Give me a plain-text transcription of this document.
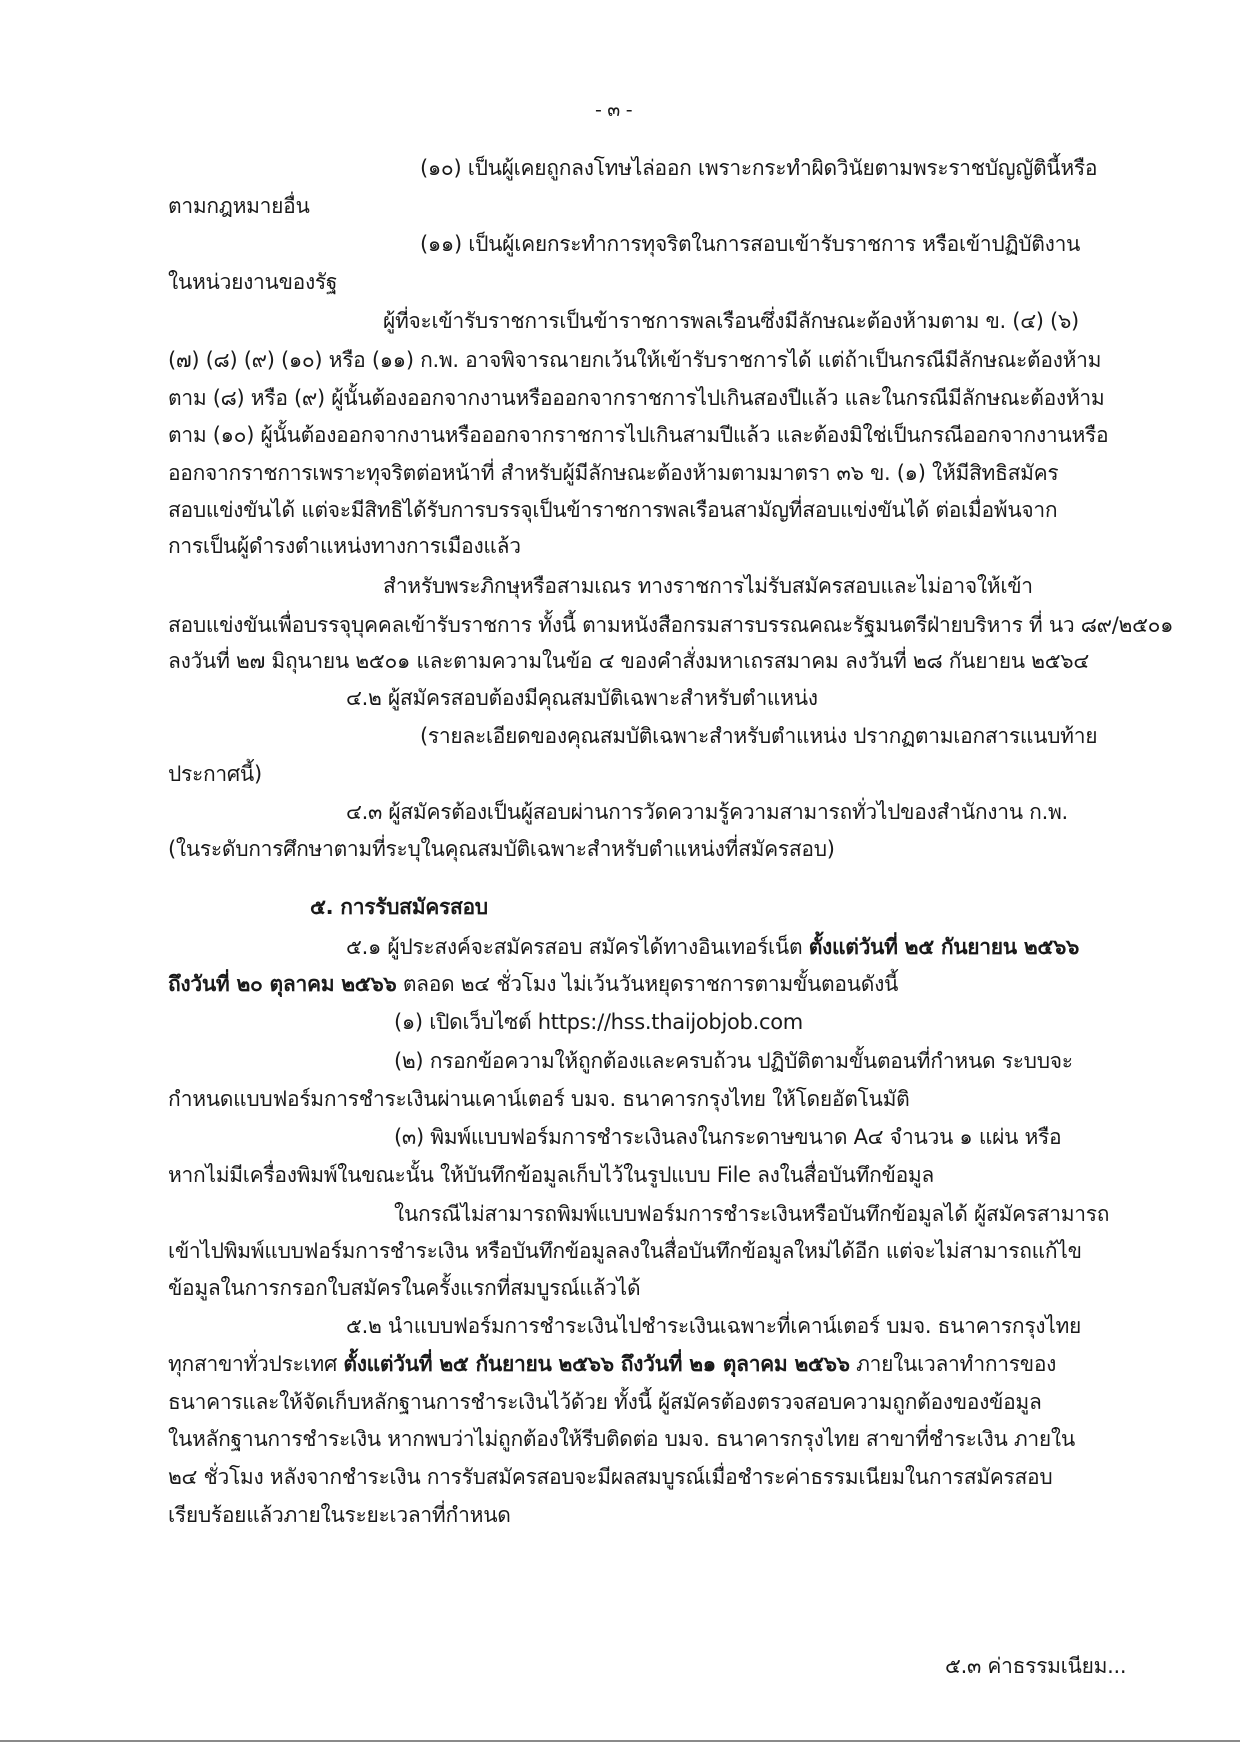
- ๓ -
(๑๐) เป็นผู้เคยถูกลงโทษไล่ออก เพราะกระทำผิดวินัยตามพระราชบัญญัตินี้หรือ
ตามกฎหมายอื่น
(๑๑) เป็นผู้เคยกระทำการทุจริตในการสอบเข้ารับราชการ หรือเข้าปฏิบัติงาน
ในหน่วยงานของรัฐ
ผู้ที่จะเข้ารับราชการเป็นข้าราชการพลเรือนซึ่งมีลักษณะต้องห้ามตาม ข. (๔) (๖)
(๗) (๘) (๙) (๑๐) หรือ (๑๑) ก.พ. อาจพิจารณายกเว้นให้เข้ารับราชการได้ แต่ถ้าเป็นกรณีมีลักษณะต้องห้าม
ตาม (๘) หรือ (๙) ผู้นั้นต้องออกจากงานหรือออกจากราชการไปเกินสองปีแล้ว และในกรณีมีลักษณะต้องห้าม
ตาม (๑๐) ผู้นั้นต้องออกจากงานหรือออกจากราชการไปเกินสามปีแล้ว และต้องมิใช่เป็นกรณีออกจากงานหรือ
ออกจากราชการเพราะทุจริตต่อหน้าที่ สำหรับผู้มีลักษณะต้องห้ามตามมาตรา ๓๖ ข. (๑) ให้มีสิทธิสมัคร
สอบแข่งขันได้ แต่จะมีสิทธิได้รับการบรรจุเป็นข้าราชการพลเรือนสามัญที่สอบแข่งขันได้ ต่อเมื่อพ้นจาก
การเป็นผู้ดำรงตำแหน่งทางการเมืองแล้ว
สำหรับพระภิกษุหรือสามเณร ทางราชการไม่รับสมัครสอบและไม่อาจให้เข้า
สอบแข่งขันเพื่อบรรจุบุคคลเข้ารับราชการ ทั้งนี้ ตามหนังสือกรมสารบรรณคณะรัฐมนตรีฝ่ายบริหาร ที่ นว ๘๙/๒๕๐๑
ลงวันที่ ๒๗ มิถุนายน ๒๕๐๑ และตามความในข้อ ๔ ของคำสั่งมหาเถรสมาคม ลงวันที่ ๒๘ กันยายน ๒๕๖๔
๔.๒ ผู้สมัครสอบต้องมีคุณสมบัติเฉพาะสำหรับตำแหน่ง
(รายละเอียดของคุณสมบัติเฉพาะสำหรับตำแหน่ง ปรากฏตามเอกสารแนบท้าย
ประกาศนี้)
๔.๓ ผู้สมัครต้องเป็นผู้สอบผ่านการวัดความรู้ความสามารถทั่วไปของสำนักงาน ก.พ.
(ในระดับการศึกษาตามที่ระบุในคุณสมบัติเฉพาะสำหรับตำแหน่งที่สมัครสอบ)
๕. การรับสมัครสอบ
๕.๑ ผู้ประสงค์จะสมัครสอบ สมัครได้ทางอินเทอร์เน็ต ตั้งแต่วันที่ ๒๕ กันยายน ๒๕๖๖
ถึงวันที่ ๒๐ ตุลาคม ๒๕๖๖ ตลอด ๒๔ ชั่วโมง ไม่เว้นวันหยุดราชการตามขั้นตอนดังนี้
(๑) เปิดเว็บไซต์ https://hss.thaijobjob.com
(๒) กรอกข้อความให้ถูกต้องและครบถ้วน ปฏิบัติตามขั้นตอนที่กำหนด ระบบจะ
กำหนดแบบฟอร์มการชำระเงินผ่านเคาน์เตอร์ บมจ. ธนาคารกรุงไทย ให้โดยอัตโนมัติ
(๓) พิมพ์แบบฟอร์มการชำระเงินลงในกระดาษขนาด A๔ จำนวน ๑ แผ่น หรือ
หากไม่มีเครื่องพิมพ์ในขณะนั้น ให้บันทึกข้อมูลเก็บไว้ในรูปแบบ File ลงในสื่อบันทึกข้อมูล
ในกรณีไม่สามารถพิมพ์แบบฟอร์มการชำระเงินหรือบันทึกข้อมูลได้ ผู้สมัครสามารถ
เข้าไปพิมพ์แบบฟอร์มการชำระเงิน หรือบันทึกข้อมูลลงในสื่อบันทึกข้อมูลใหม่ได้อีก แต่จะไม่สามารถแก้ไข
ข้อมูลในการกรอกใบสมัครในครั้งแรกที่สมบูรณ์แล้วได้
๕.๒ นำแบบฟอร์มการชำระเงินไปชำระเงินเฉพาะที่เคาน์เตอร์ บมจ. ธนาคารกรุงไทย
ทุกสาขาทั่วประเทศ ตั้งแต่วันที่ ๒๕ กันยายน ๒๕๖๖ ถึงวันที่ ๒๑ ตุลาคม ๒๕๖๖ ภายในเวลาทำการของ
ธนาคารและให้จัดเก็บหลักฐานการชำระเงินไว้ด้วย ทั้งนี้ ผู้สมัครต้องตรวจสอบความถูกต้องของข้อมูล
ในหลักฐานการชำระเงิน หากพบว่าไม่ถูกต้องให้รีบติดต่อ บมจ. ธนาคารกรุงไทย สาขาที่ชำระเงิน ภายใน
๒๔ ชั่วโมง หลังจากชำระเงิน การรับสมัครสอบจะมีผลสมบูรณ์เมื่อชำระค่าธรรมเนียมในการสมัครสอบ
เรียบร้อยแล้วภายในระยะเวลาที่กำหนด
๕.๓ ค่าธรรมเนียม...
